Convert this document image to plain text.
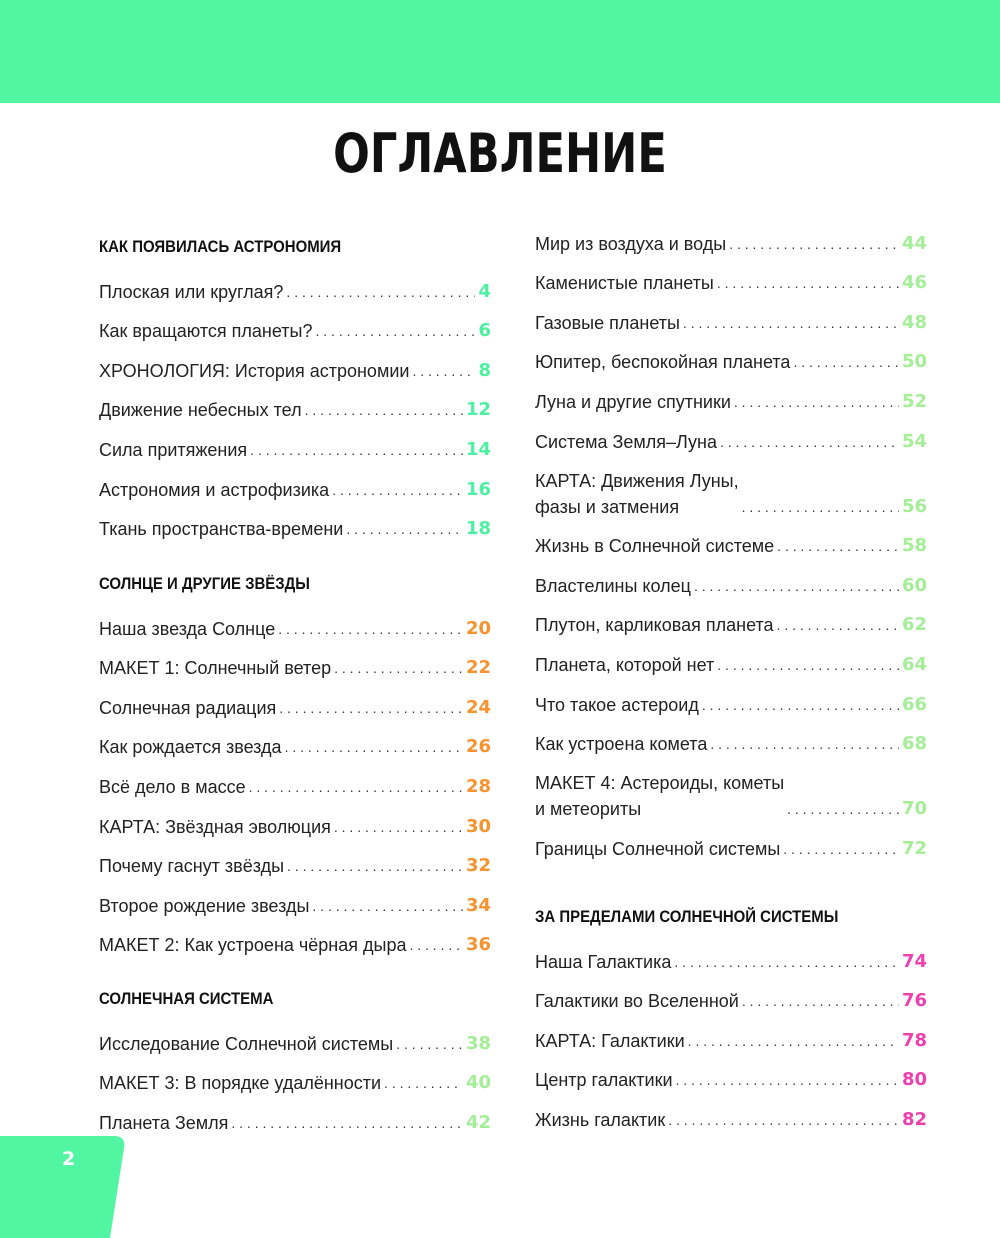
ОГЛАВЛЕНИЕ
КАК ПОЯВИЛАСЬ АСТРОНОМИЯ
Плоская или круглая? . . .	4
Как вращаются планеты? . . .	6
ХРОНОЛОГИЯ: История астрономии . . .	8
Движение небесных тел . . .	12
Сила притяжения . . .	14
Астрономия и астрофизика . . .	16
Ткань пространства-времени . . .	18
СОЛНЦЕ И ДРУГИЕ ЗВЁЗДЫ
Наша звезда Солнце . . .	20
МАКЕТ 1: Солнечный ветер . . .	22
Солнечная радиация . . .	24
Как рождается звезда . . .	26
Всё дело в массе . . .	28
КАРТА: Звёздная эволюция . . .	30
Почему гаснут звёзды . . .	32
Второе рождение звезды . . .	34
МАКЕТ 2: Как устроена чёрная дыра . . .	36
СОЛНЕЧНАЯ СИСТЕМА
Исследование Солнечной системы . . .	38
МАКЕТ 3: В порядке удалённости . . .	40
Планета Земля . . .	42
Мир из воздуха и воды . . .	44
Каменистые планеты . . .	46
Газовые планеты . . .	48
Юпитер, беспокойная планета . . .	50
Луна и другие спутники . . .	52
Система Земля–Луна . . .	54
КАРТА: Движения Луны,
фазы и затмения . . .	56
Жизнь в Солнечной системе . . .	58
Властелины колец . . .	60
Плутон, карликовая планета . . .	62
Планета, которой нет . . .	64
Что такое астероид . . .	66
Как устроена комета . . .	68
МАКЕТ 4: Астероиды, кометы
и метеориты . . .	70
Границы Солнечной системы . . .	72
ЗА ПРЕДЕЛАМИ СОЛНЕЧНОЙ СИСТЕМЫ
Наша Галактика . . .	74
Галактики во Вселенной . . .	76
КАРТА: Галактики . . .	78
Центр галактики . . .	80
Жизнь галактик . . .	82
2
